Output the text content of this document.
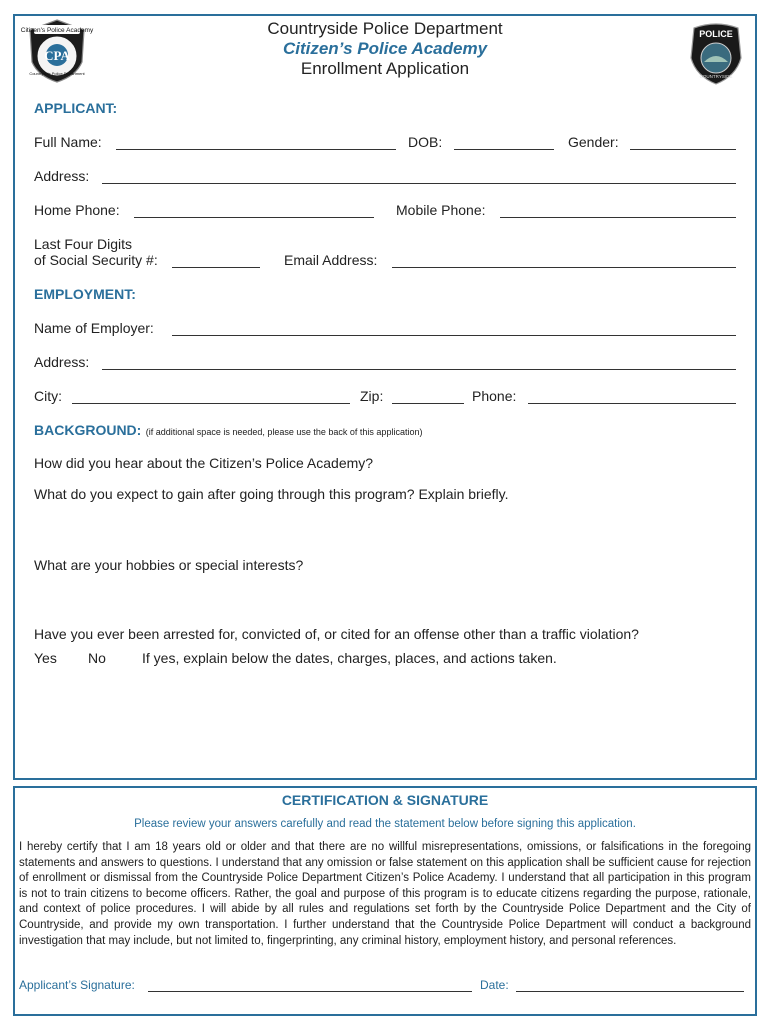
Citizen's Police Academy
CPA
Countryside Police Department
POLICE
COUNTRYSIDE
Countryside Police Department
Citizen’s Police Academy
Enrollment Application
APPLICANT:
Full Name:	DOB:	Gender:
Address:
Home Phone:	Mobile Phone:
Last Four Digits
of Social Security #:	Email Address:
EMPLOYMENT:
Name of Employer:
Address:
City:	Zip:	Phone:
BACKGROUND: (if additional space is needed, please use the back of this application)
How did you hear about the Citizen’s Police Academy?
What do you expect to gain after going through this program? Explain briefly.
What are your hobbies or special interests?
Have you ever been arrested for, convicted of, or cited for an offense other than a traffic violation?
Yes No	If yes, explain below the dates, charges, places, and actions taken.
CERTIFICATION & SIGNATURE
Please review your answers carefully and read the statement below before signing this application.
I hereby certify that I am 18 years old or older and that there are no willful misrepresentations, omissions, or falsifications in the foregoing statements and answers to questions. I understand that any omission or false statement on this application shall be sufficient cause for rejection of enrollment or dismissal from the Countryside Police Department Citizen’s Police Academy. I understand that all participation in this program is not to train citizens to become officers. Rather, the goal and purpose of this program is to educate citizens regarding the purpose, rationale, and context of police procedures. I will abide by all rules and regulations set forth by the Countryside Police Department and the City of Countryside, and provide my own transportation. I further understand that the Countryside Police Department will conduct a background investigation that may include, but not limited to, fingerprinting, any criminal history, employment history, and personal references.
Applicant’s Signature:	Date:
